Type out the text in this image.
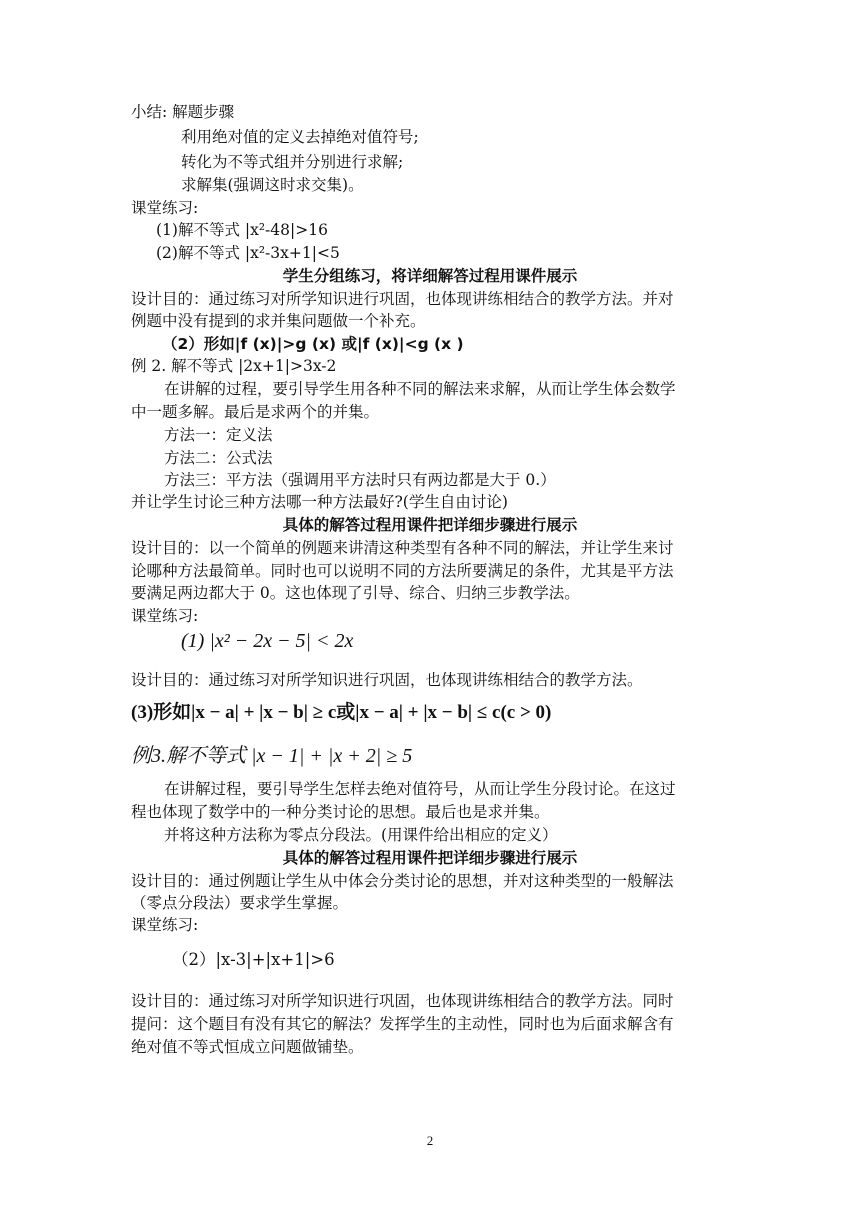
小结: 解题步骤
利用绝对值的定义去掉绝对值符号;
转化为不等式组并分别进行求解;
求解集(强调这时求交集)。
课堂练习:
(1)解不等式 |x²-48|>16
(2)解不等式 |x²-3x+1|<5
学生分组练习，将详细解答过程用课件展示
设计目的：通过练习对所学知识进行巩固，也体现讲练相结合的教学方法。并对
例题中没有提到的求并集问题做一个补充。
（2）形如|f (x)|>g (x) 或|f (x)|<g (x )
例 2. 解不等式 |2x+1|>3x-2
在讲解的过程，要引导学生用各种不同的解法来求解，从而让学生体会数学
中一题多解。最后是求两个的并集。
方法一：定义法
方法二：公式法
方法三：平方法（强调用平方法时只有两边都是大于 0.）
并让学生讨论三种方法哪一种方法最好?(学生自由讨论)
具体的解答过程用课件把详细步骤进行展示
设计目的：以一个简单的例题来讲清这种类型有各种不同的解法，并让学生来讨
论哪种方法最简单。同时也可以说明不同的方法所要满足的条件，尤其是平方法
要满足两边都大于 0。这也体现了引导、综合、归纳三步教学法。
课堂练习:
(1) |x² − 2x − 5| < 2x
设计目的：通过练习对所学知识进行巩固，也体现讲练相结合的教学方法。
(3)形如|x − a| + |x − b| ≥ c或|x − a| + |x − b| ≤ c(c > 0)
例3.解不等式 |x − 1| + |x + 2| ≥ 5
在讲解过程，要引导学生怎样去绝对值符号，从而让学生分段讨论。在这过
程也体现了数学中的一种分类讨论的思想。最后也是求并集。
并将这种方法称为零点分段法。(用课件给出相应的定义）
具体的解答过程用课件把详细步骤进行展示
设计目的：通过例题让学生从中体会分类讨论的思想，并对这种类型的一般解法
（零点分段法）要求学生掌握。
课堂练习:
（2）|x-3|+|x+1|>6
设计目的：通过练习对所学知识进行巩固，也体现讲练相结合的教学方法。同时
提问：这个题目有没有其它的解法？发挥学生的主动性，同时也为后面求解含有
绝对值不等式恒成立问题做铺垫。
2
